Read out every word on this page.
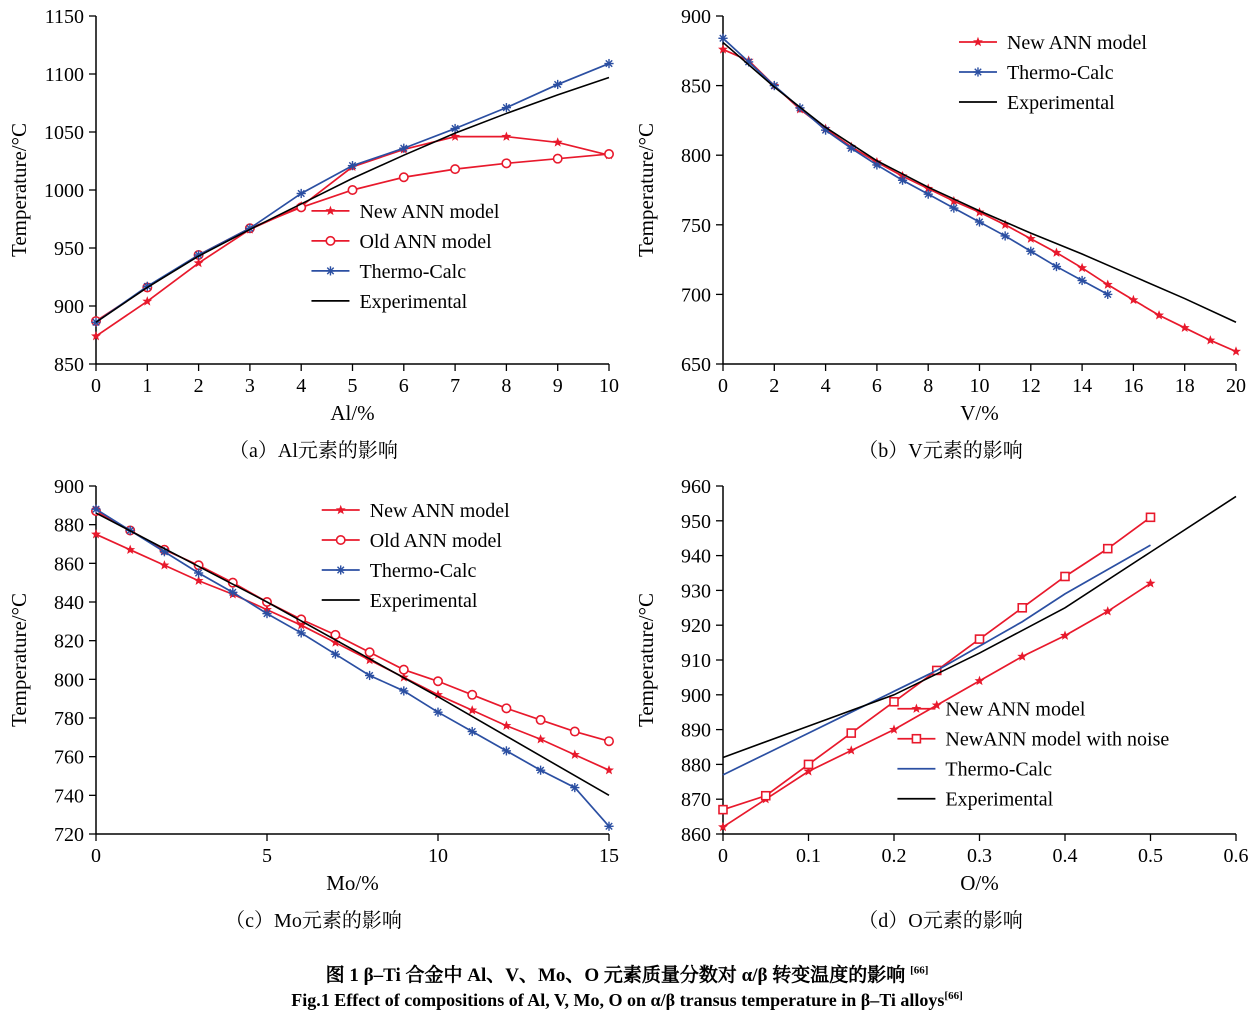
0 1 2 3 4 5 6 7 8 9 10
850
900
950
1000
1050
1100
1150
Al/%
Temperature/°C	New ANN model
Old ANN model
Thermo-Calc
Experimental
0 2 4 6 8 10 12 14 16 18 20
650
700
750
800
850
900
V/%
Temperature/°C
New ANN model
Thermo-Calc
Experimental
0	5	10	15
720
740
760
780
800
820
840
860
880
900
Mo/%
Temperature/°C
New ANN model
Old ANN model
Thermo-Calc
Experimental
0	0.1	0.2	0.3	0.4	0.5	0.6
860
870
880
890
900
910
920
930
940
950
960
O/%
Temperature/°C	New ANN model
NewANN model with noise
Thermo-Calc
Experimental
（a）Al元素的影响	（b）V元素的影响
（c）Mo元素的影响	（d）O元素的影响
图 1 β–Ti 合金中 Al、V、Mo、O 元素质量分数对 α/β 转变温度的影响 [66]
Fig.1 Effect of compositions of Al, V, Mo, O on α/β transus temperature in β–Ti alloys[66]
